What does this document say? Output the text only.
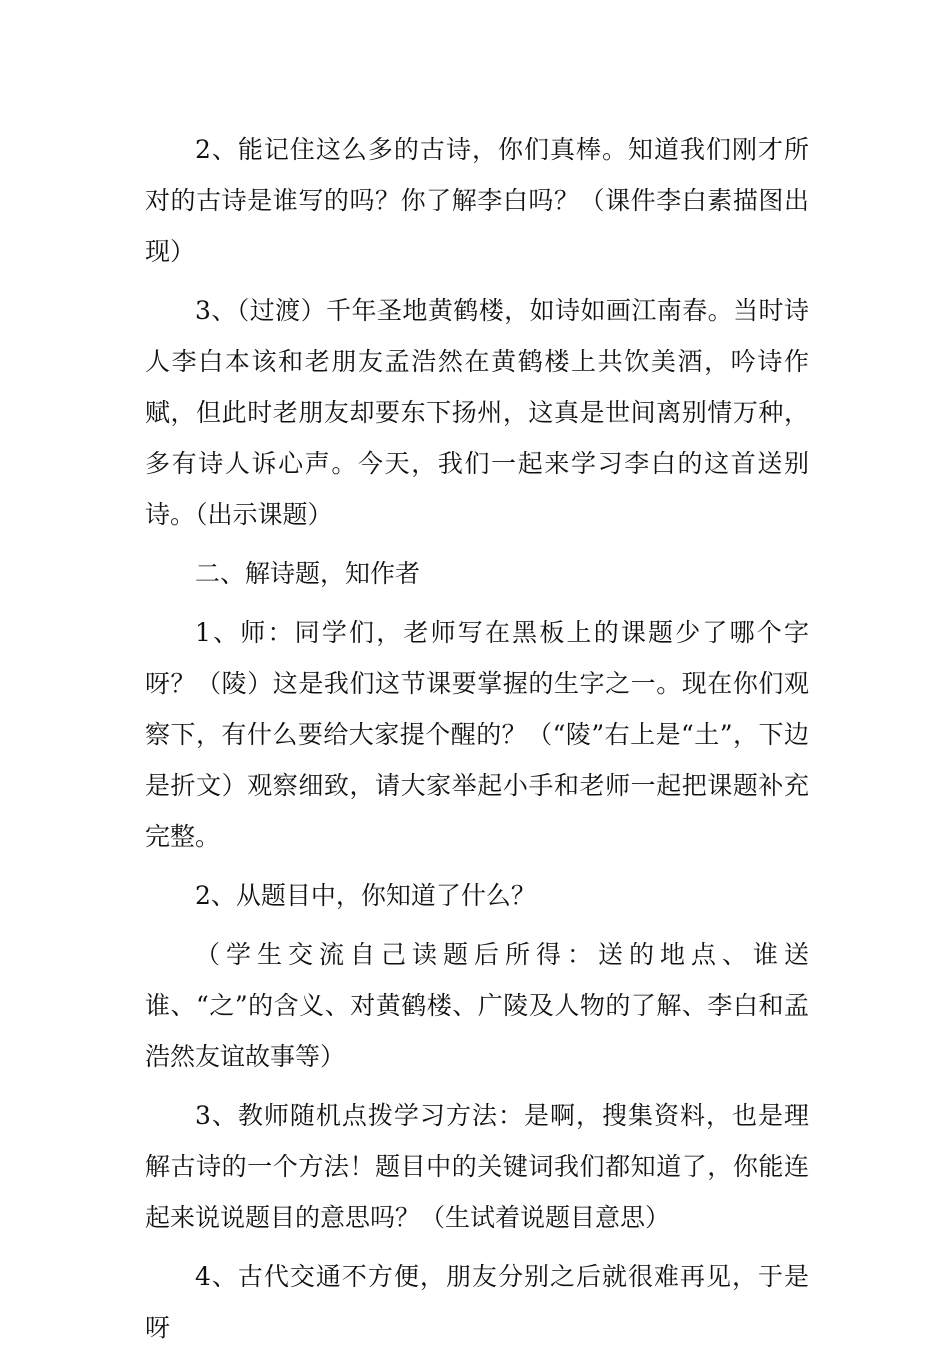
2、能记住这么多的古诗，你们真棒。知道我们刚才所对的古诗是谁写的吗？你了解李白吗？（课件李白素描图出现）

3、（过渡）千年圣地黄鹤楼，如诗如画江南春。当时诗人李白本该和老朋友孟浩然在黄鹤楼上共饮美酒，吟诗作赋，但此时老朋友却要东下扬州，这真是世间离别情万种，多有诗人诉心声。今天，我们一起来学习李白的这首送别诗。（出示课题）

二、解诗题，知作者

1、师：同学们，老师写在黑板上的课题少了哪个字呀？（陵）这是我们这节课要掌握的生字之一。现在你们观察下，有什么要给大家提个醒的？（“陵”右上是“土”，下边是折文）观察细致，请大家举起小手和老师一起把课题补充完整。

2、从题目中，你知道了什么？

（学生交流自己读题后所得：送的地点、谁送谁、“之”的含义、对黄鹤楼、广陵及人物的了解、李白和孟浩然友谊故事等）

3、教师随机点拨学习方法：是啊，搜集资料，也是理解古诗的一个方法！题目中的关键词我们都知道了，你能连起来说说题目的意思吗？（生试着说题目意思）

4、古代交通不方便，朋友分别之后就很难再见，于是呀
